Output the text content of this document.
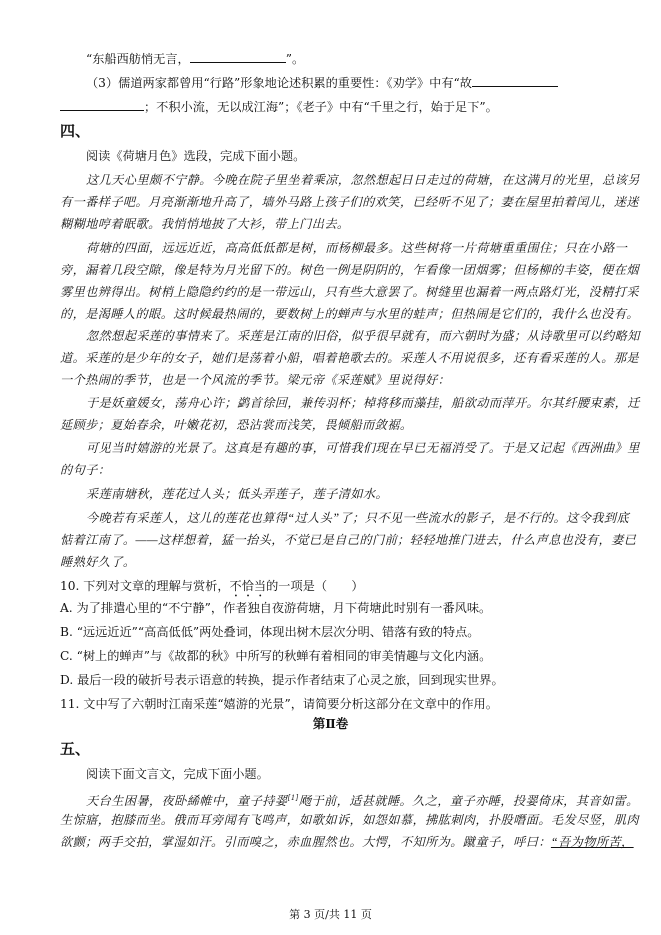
“东船西舫悄无言，	”。
（3）儒道两家都曾用“行路”形象地论述积累的重要性：《劝学》中有“故
；不积小流，无以成江海”；《老子》中有“千里之行，始于足下”。
四、
阅读《荷塘月色》选段，完成下面小题。
这几天心里颇不宁静。今晚在院子里坐着乘凉，忽然想起日日走过的荷塘，在这满月的光里，总该另
有一番样子吧。月亮渐渐地升高了，墙外马路上孩子们的欢笑，已经听不见了；妻在屋里拍着闰儿，迷迷
糊糊地哼着眠歌。我悄悄地披了大衫，带上门出去。
荷塘的四面，远远近近，高高低低都是树，而杨柳最多。这些树将一片荷塘重重围住；只在小路一
旁，漏着几段空隙，像是特为月光留下的。树色一例是阴阴的，乍看像一团烟雾；但杨柳的丰姿，便在烟
雾里也辨得出。树梢上隐隐约约的是一带远山，只有些大意罢了。树缝里也漏着一两点路灯光，没精打采
的，是渴睡人的眼。这时候最热闹的，要数树上的蝉声与水里的蛙声；但热闹是它们的，我什么也没有。
忽然想起采莲的事情来了。采莲是江南的旧俗，似乎很早就有，而六朝时为盛；从诗歌里可以约略知
道。采莲的是少年的女子，她们是荡着小船，唱着艳歌去的。采莲人不用说很多，还有看采莲的人。那是
一个热闹的季节，也是一个风流的季节。梁元帝《采莲赋》里说得好：
于是妖童媛女，荡舟心许；鹢首徐回，兼传羽杯；棹将移而藻挂，船欲动而萍开。尔其纤腰束素，迁
延顾步；夏始春余，叶嫩花初，恐沾裳而浅笑，畏倾船而敛裾。
可见当时嬉游的光景了。这真是有趣的事，可惜我们现在早已无福消受了。于是又记起《西洲曲》里
的句子：
采莲南塘秋，莲花过人头；低头弄莲子，莲子清如水。
今晚若有采莲人，这儿的莲花也算得“过人头”了；只不见一些流水的影子，是不行的。这令我到底
惦着江南了。——这样想着，猛一抬头，不觉已是自己的门前；轻轻地推门进去，什么声息也没有，妻已
睡熟好久了。
10. 下列对文章的理解与赏析，不恰当的一项是（　　）
A. 为了排遣心里的“不宁静”，作者独自夜游荷塘，月下荷塘此时别有一番风味。
B. “远远近近”“高高低低”两处叠词，体现出树木层次分明、错落有致的特点。
C. “树上的蝉声”与《故都的秋》中所写的秋蝉有着相同的审美情趣与文化内涵。
D. 最后一段的破折号表示语意的转换，提示作者结束了心灵之旅，回到现实世界。
11. 文中写了六朝时江南采莲“嬉游的光景”，请简要分析这部分在文章中的作用。
第Ⅱ卷
五、
阅读下面文言文，完成下面小题。
天台生困暑，夜卧絺帷中，童子持翣[1]飏于前，适甚就睡。久之，童子亦睡，投翣倚床，其音如雷。
生惊寤，抱膝而坐。俄而耳旁闻有飞鸣声，如歌如诉，如怨如慕，拂肱刺肉，扑股噆面。毛发尽竖，肌肉
欲颤；两手交拍，掌湿如汗。引而嗅之，赤血腥然也。大愕，不知所为。蹴童子，呼曰：“吾为物所苦，
第 3 页/共 11 页
